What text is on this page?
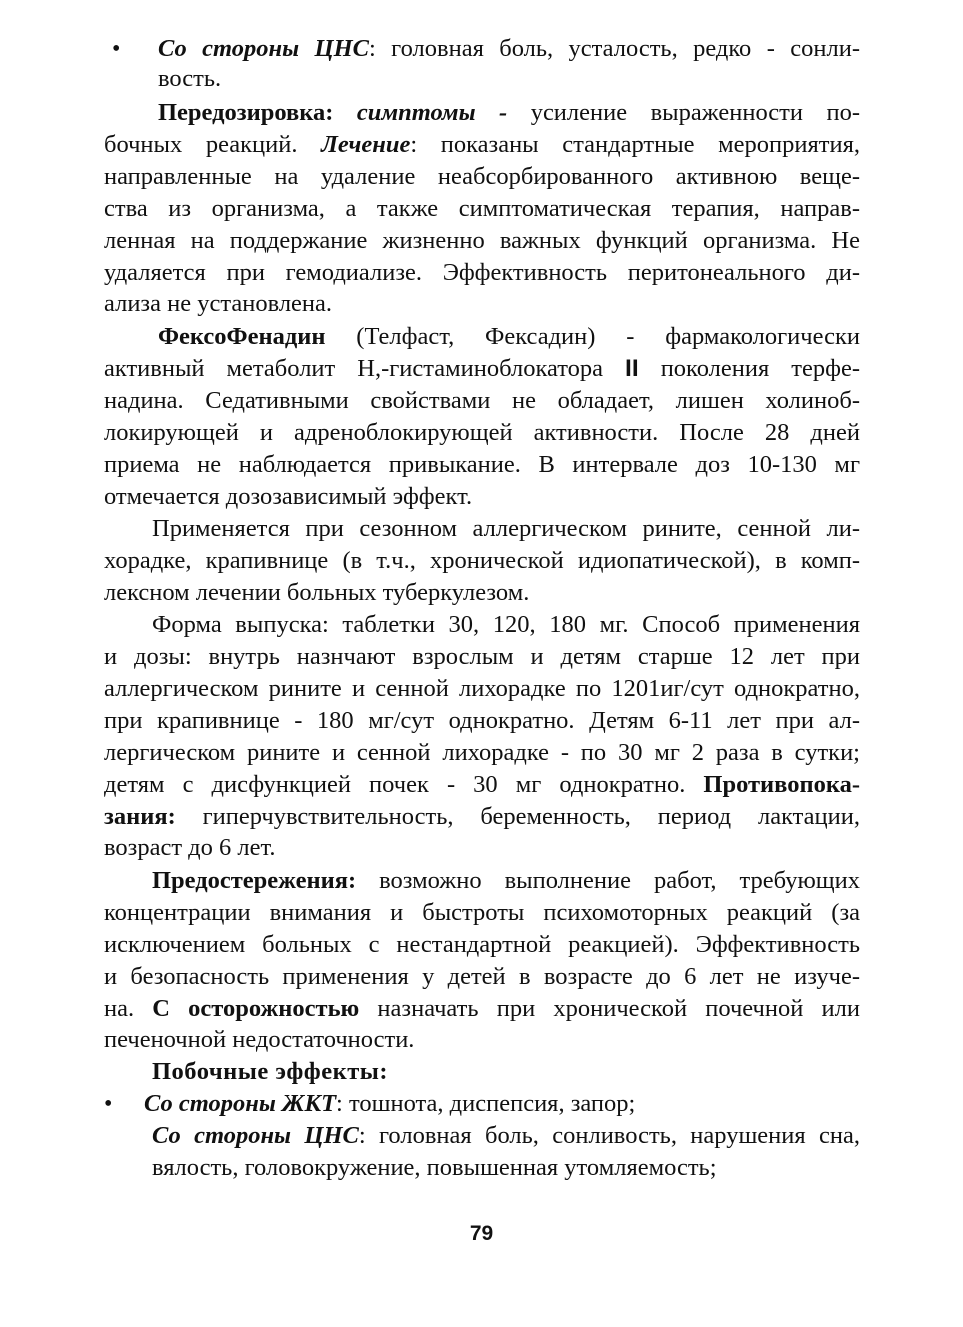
• Со стороны ЦНС: головная боль, усталость, редко - сонли-
вость.
Передозировка: симптомы - усиление выраженности по-
бочных реакций. Лечение: показаны стандартные мероприятия,
направленные на удаление неабсорбированного активною веще-
ства из организма, а также симптоматическая терапия, направ-
ленная на поддержание жизненно важных функций организма. Не
удаляется при гемодиализе. Эффективность перитонеального ди-
ализа не установлена.
ФексоФенадин (Телфаст, Фексадин) - фармакологически
активный метаболит Н,-гистаминоблокатора II поколения терфе-
надина. Седативными свойствами не обладает, лишен холиноб-
локирующей и адреноблокирующей активности. После 28 дней
приема не наблюдается привыкание. В интервале доз 10-130 мг
отмечается дозозависимый эффект.
Применяется при сезонном аллергическом рините, сенной ли-
хорадке, крапивнице (в т.ч., хронической идиопатической), в комп-
лексном лечении больных туберкулезом.
Форма выпуска: таблетки 30, 120, 180 мг. Способ применения
и дозы: внутрь назнчают взрослым и детям старше 12 лет при
аллергическом рините и сенной лихорадке по 1201иг/сут однократно,
при крапивнице - 180 мг/сут однократно. Детям 6-11 лет при ал-
лергическом рините и сенной лихорадке - по 30 мг 2 раза в сутки;
детям с дисфункцией почек - 30 мг однократно. Противопока-
зания: гиперчувствительность, беременность, период лактации,
возраст до 6 лет.
Предостережения: возможно выполнение работ, требующих
концентрации внимания и быстроты психомоторных реакций (за
исключением больных с нестандартной реакцией). Эффективность
и безопасность применения у детей в возрасте до 6 лет не изуче-
на. С осторожностью назначать при хронической почечной или
печеночной недостаточности.
Побочные эффекты:
• Со стороны ЖКТ: тошнота, диспепсия, запор;
Со стороны ЦНС: головная боль, сонливость, нарушения сна,
вялость, головокружение, повышенная утомляемость;
79
